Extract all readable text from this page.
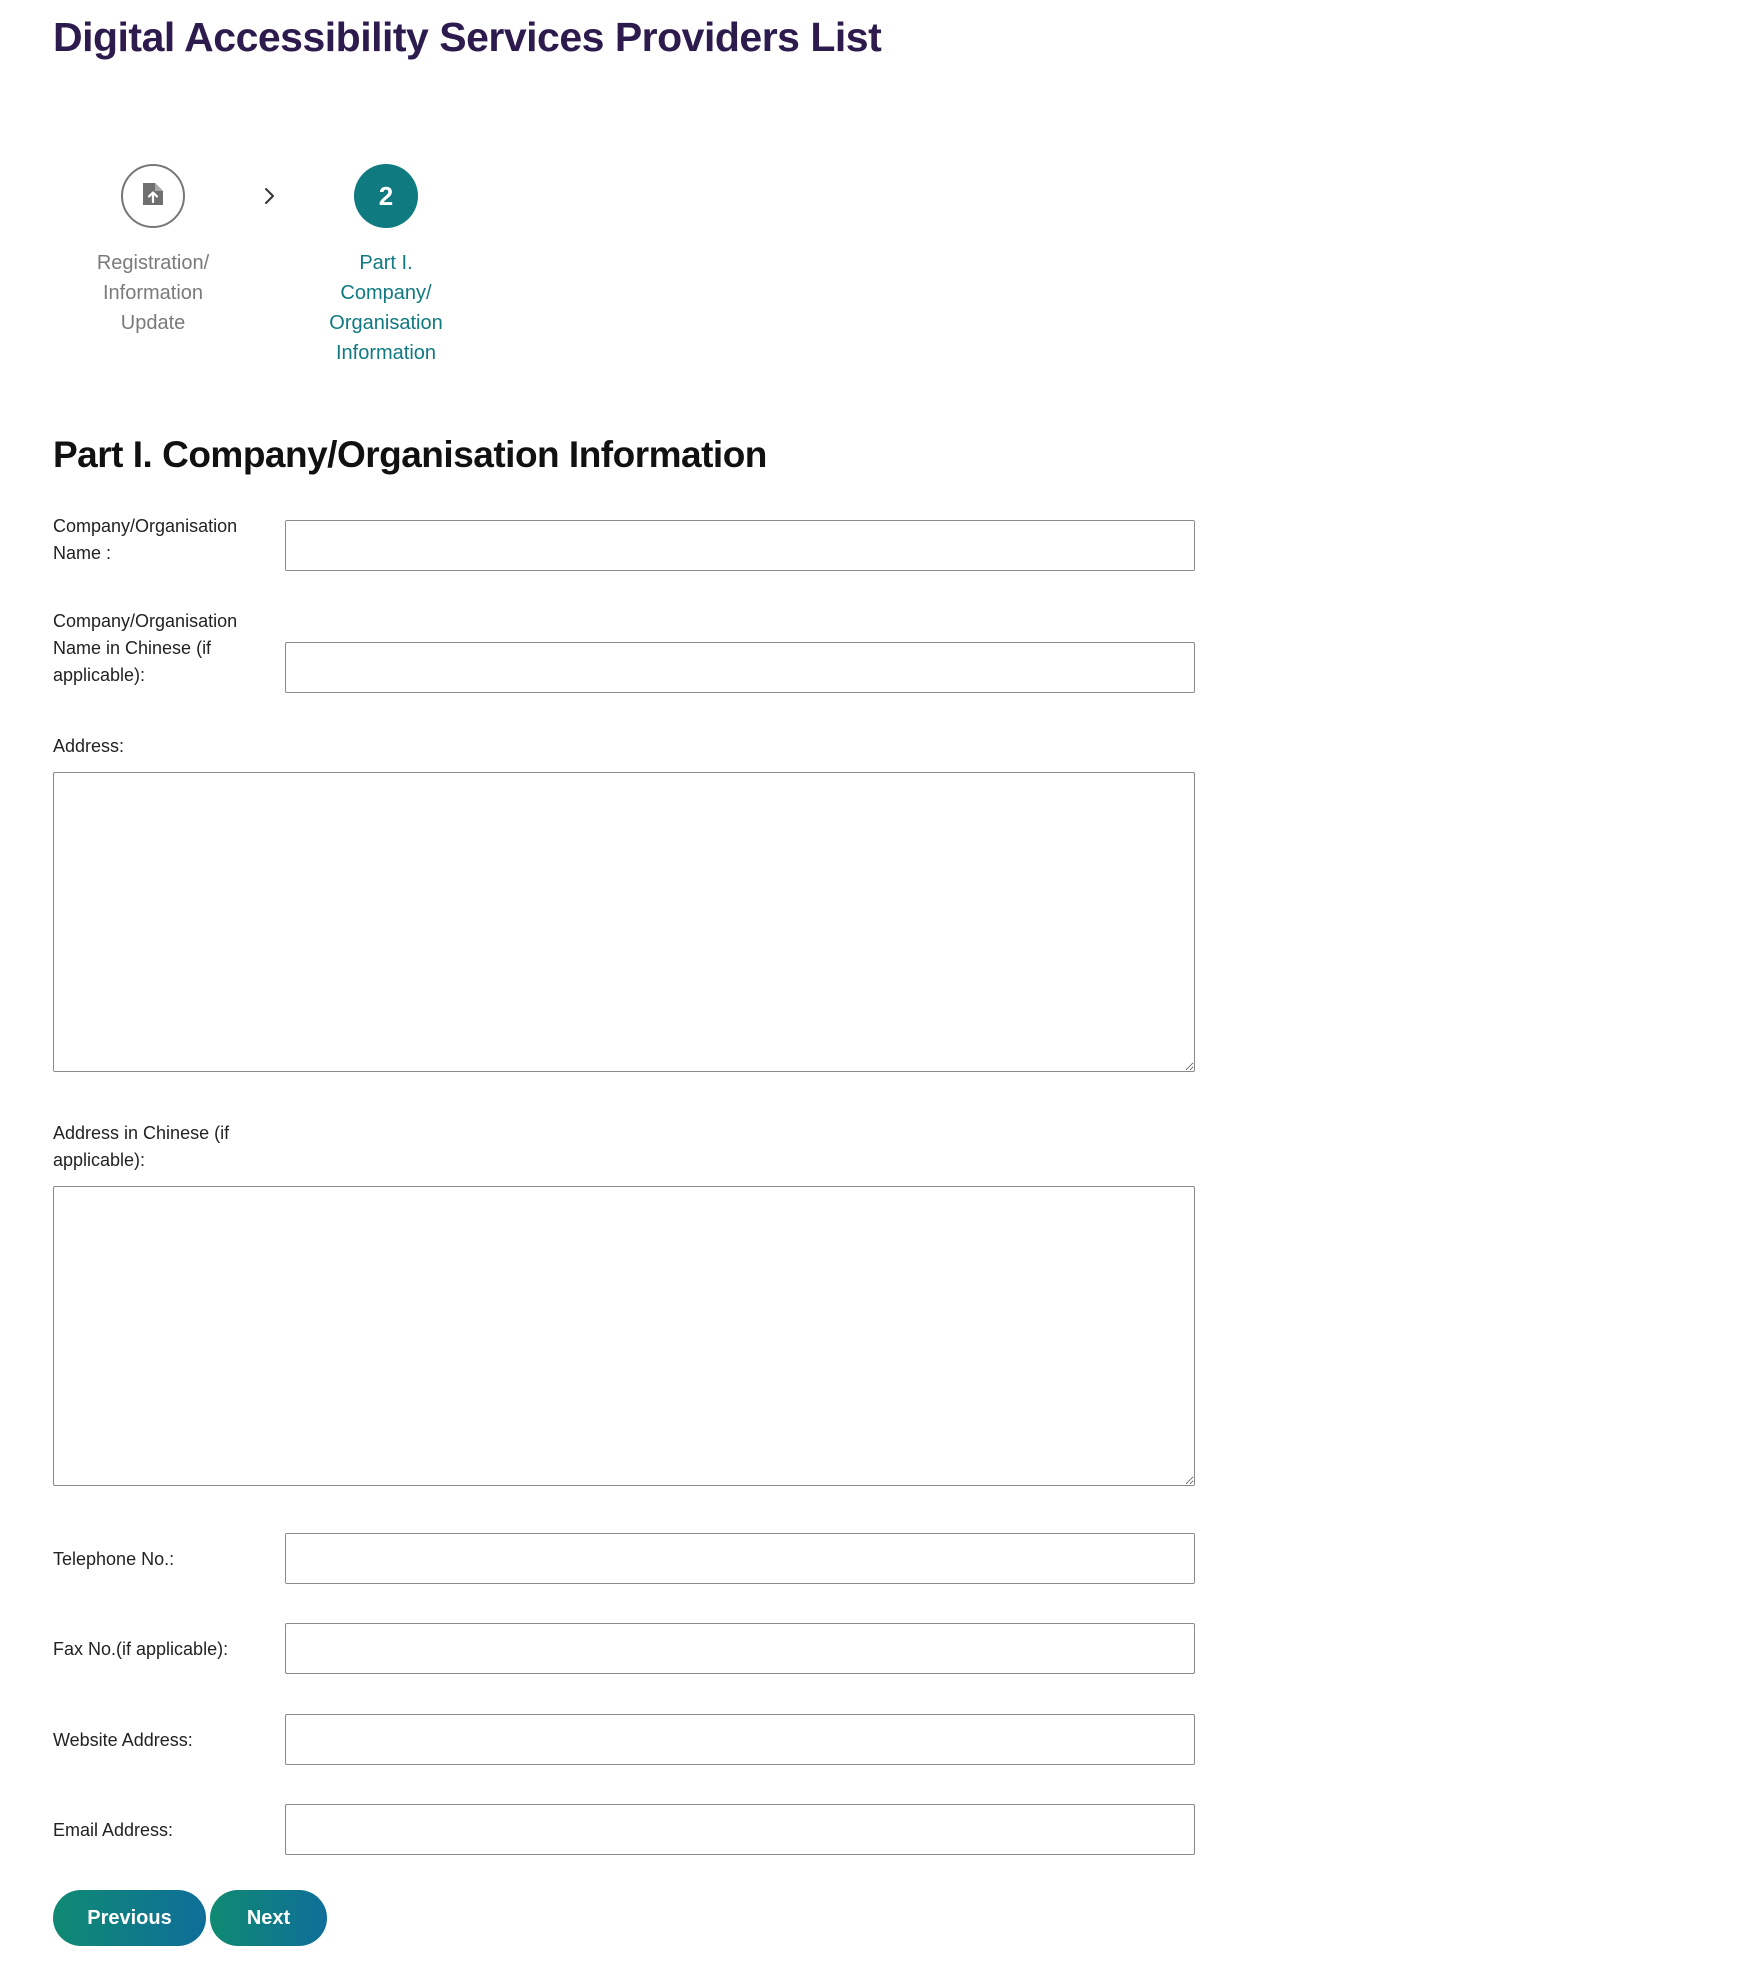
Digital Accessibility Services Providers List
Registration/
Information
Update
2
Part I.
Company/
Organisation
Information
Part I. Company/Organisation Information
Company/Organisation
Name :
Company/Organisation
Name in Chinese (if
applicable):
Address:
Address in Chinese (if
applicable):
Telephone No.:
Fax No.(if applicable):
Website Address:
Email Address:
Previous	Next
